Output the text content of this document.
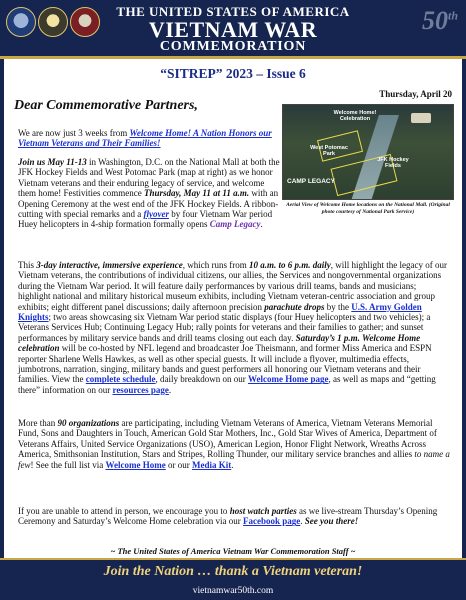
THE UNITED STATES OF AMERICA
VIETNAM WAR
COMMEMORATION
50th
“SITREP” 2023 – Issue 6
Thursday, April 20
Dear Commemorative Partners,	Welcome Home! Celebration
West Potomac Park
JFK Hockey Fields
CAMP LEGACY
Aerial View of Welcome Home locations on the National Mall. (Original photo courtesy of National Park Service)
We are now just 3 weeks from Welcome Home! A Nation Honors our Vietnam Veterans and Their Families!
Join us May 11-13 in Washington, D.C. on the National Mall at both the JFK Hockey Fields and West Potomac Park (map at right) as we honor Vietnam veterans and their enduring legacy of service, and welcome them home! Festivities commence Thursday, May 11 at 11 a.m. with an Opening Ceremony at the west end of the JFK Hockey Fields. A ribbon-cutting with special remarks and a flyover by four Vietnam War period Huey helicopters in 4-ship formation formally opens Camp Legacy.
This 3-day interactive, immersive experience, which runs from 10 a.m. to 6 p.m. daily, will highlight the legacy of our Vietnam veterans, the contributions of individual citizens, our allies, the Services and nongovernmental organizations during the Vietnam War period. It will feature daily performances by various drill teams, bands and musicians; highlight national and military historical museum exhibits, including Vietnam veteran-centric association and group exhibits; eight different panel discussions; daily afternoon precision parachute drops by the U.S. Army Golden Knights; two areas showcasing six Vietnam War period static displays (four Huey helicopters and two vehicles); a Veterans Services Hub; Continuing Legacy Hub; rally points for veterans and their families to gather; and sunset performances by military service bands and drill teams closing out each day. Saturday’s 1 p.m. Welcome Home celebration will be co-hosted by NFL legend and broadcaster Joe Theismann, and former Miss America and ESPN reporter Sharlene Wells Hawkes, as well as other special guests. It will include a flyover, multimedia effects, jumbotrons, narration, singing, military bands and guest performers all honoring our Vietnam veterans and their families. View the complete schedule, daily breakdown on our Welcome Home page, as well as maps and “getting there” information on our resources page.
More than 90 organizations are participating, including Vietnam Veterans of America, Vietnam Veterans Memorial Fund, Sons and Daughters in Touch, American Gold Star Mothers, Inc., Gold Star Wives of America, Department of Veterans Affairs, United Service Organizations (USO), American Legion, Honor Flight Network, Wreaths Across America, Smithsonian Institution, Stars and Stripes, Rolling Thunder, our military service branches and allies to name a few! See the full list via Welcome Home or our Media Kit.
If you are unable to attend in person, we encourage you to host watch parties as we live-stream Thursday’s Opening Ceremony and Saturday’s Welcome Home celebration via our Facebook page. See you there!
~ The United States of America Vietnam War Commemoration Staff ~
Join the Nation … thank a Vietnam veteran!
vietnamwar50th.com
